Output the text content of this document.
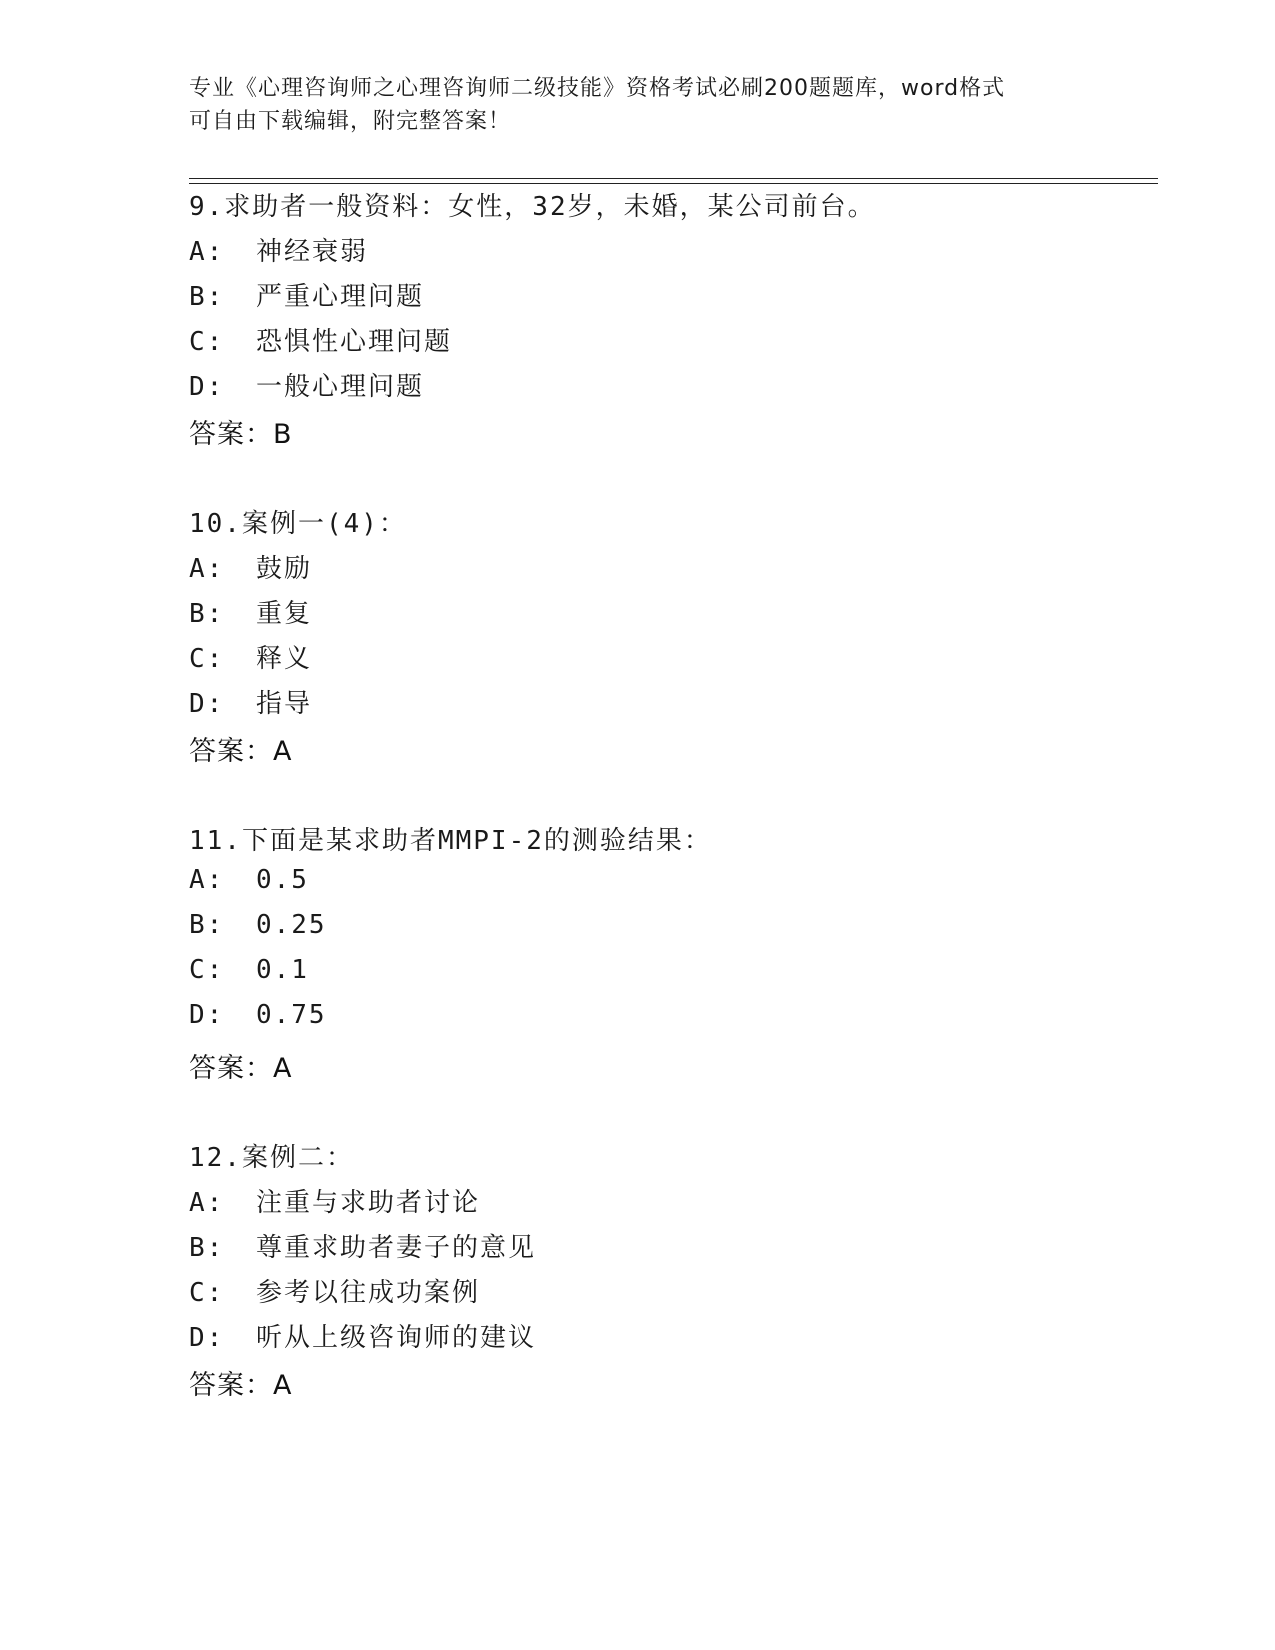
专业《心理咨询师之心理咨询师二级技能》资格考试必刷200题题库，word格式
可自由下载编辑，附完整答案！
9.求助者一般资料：女性，32岁，未婚，某公司前台。
A: 神经衰弱
B: 严重心理问题
C: 恐惧性心理问题
D: 一般心理问题
答案：B
10.案例一(4)：
A: 鼓励
B: 重复
C: 释义
D: 指导
答案：A
11.下面是某求助者MMPI-2的测验结果：
A: 0.5
B: 0.25
C: 0.1
D: 0.75
答案：A
12.案例二：
A: 注重与求助者讨论
B: 尊重求助者妻子的意见
C: 参考以往成功案例
D: 听从上级咨询师的建议
答案：A
